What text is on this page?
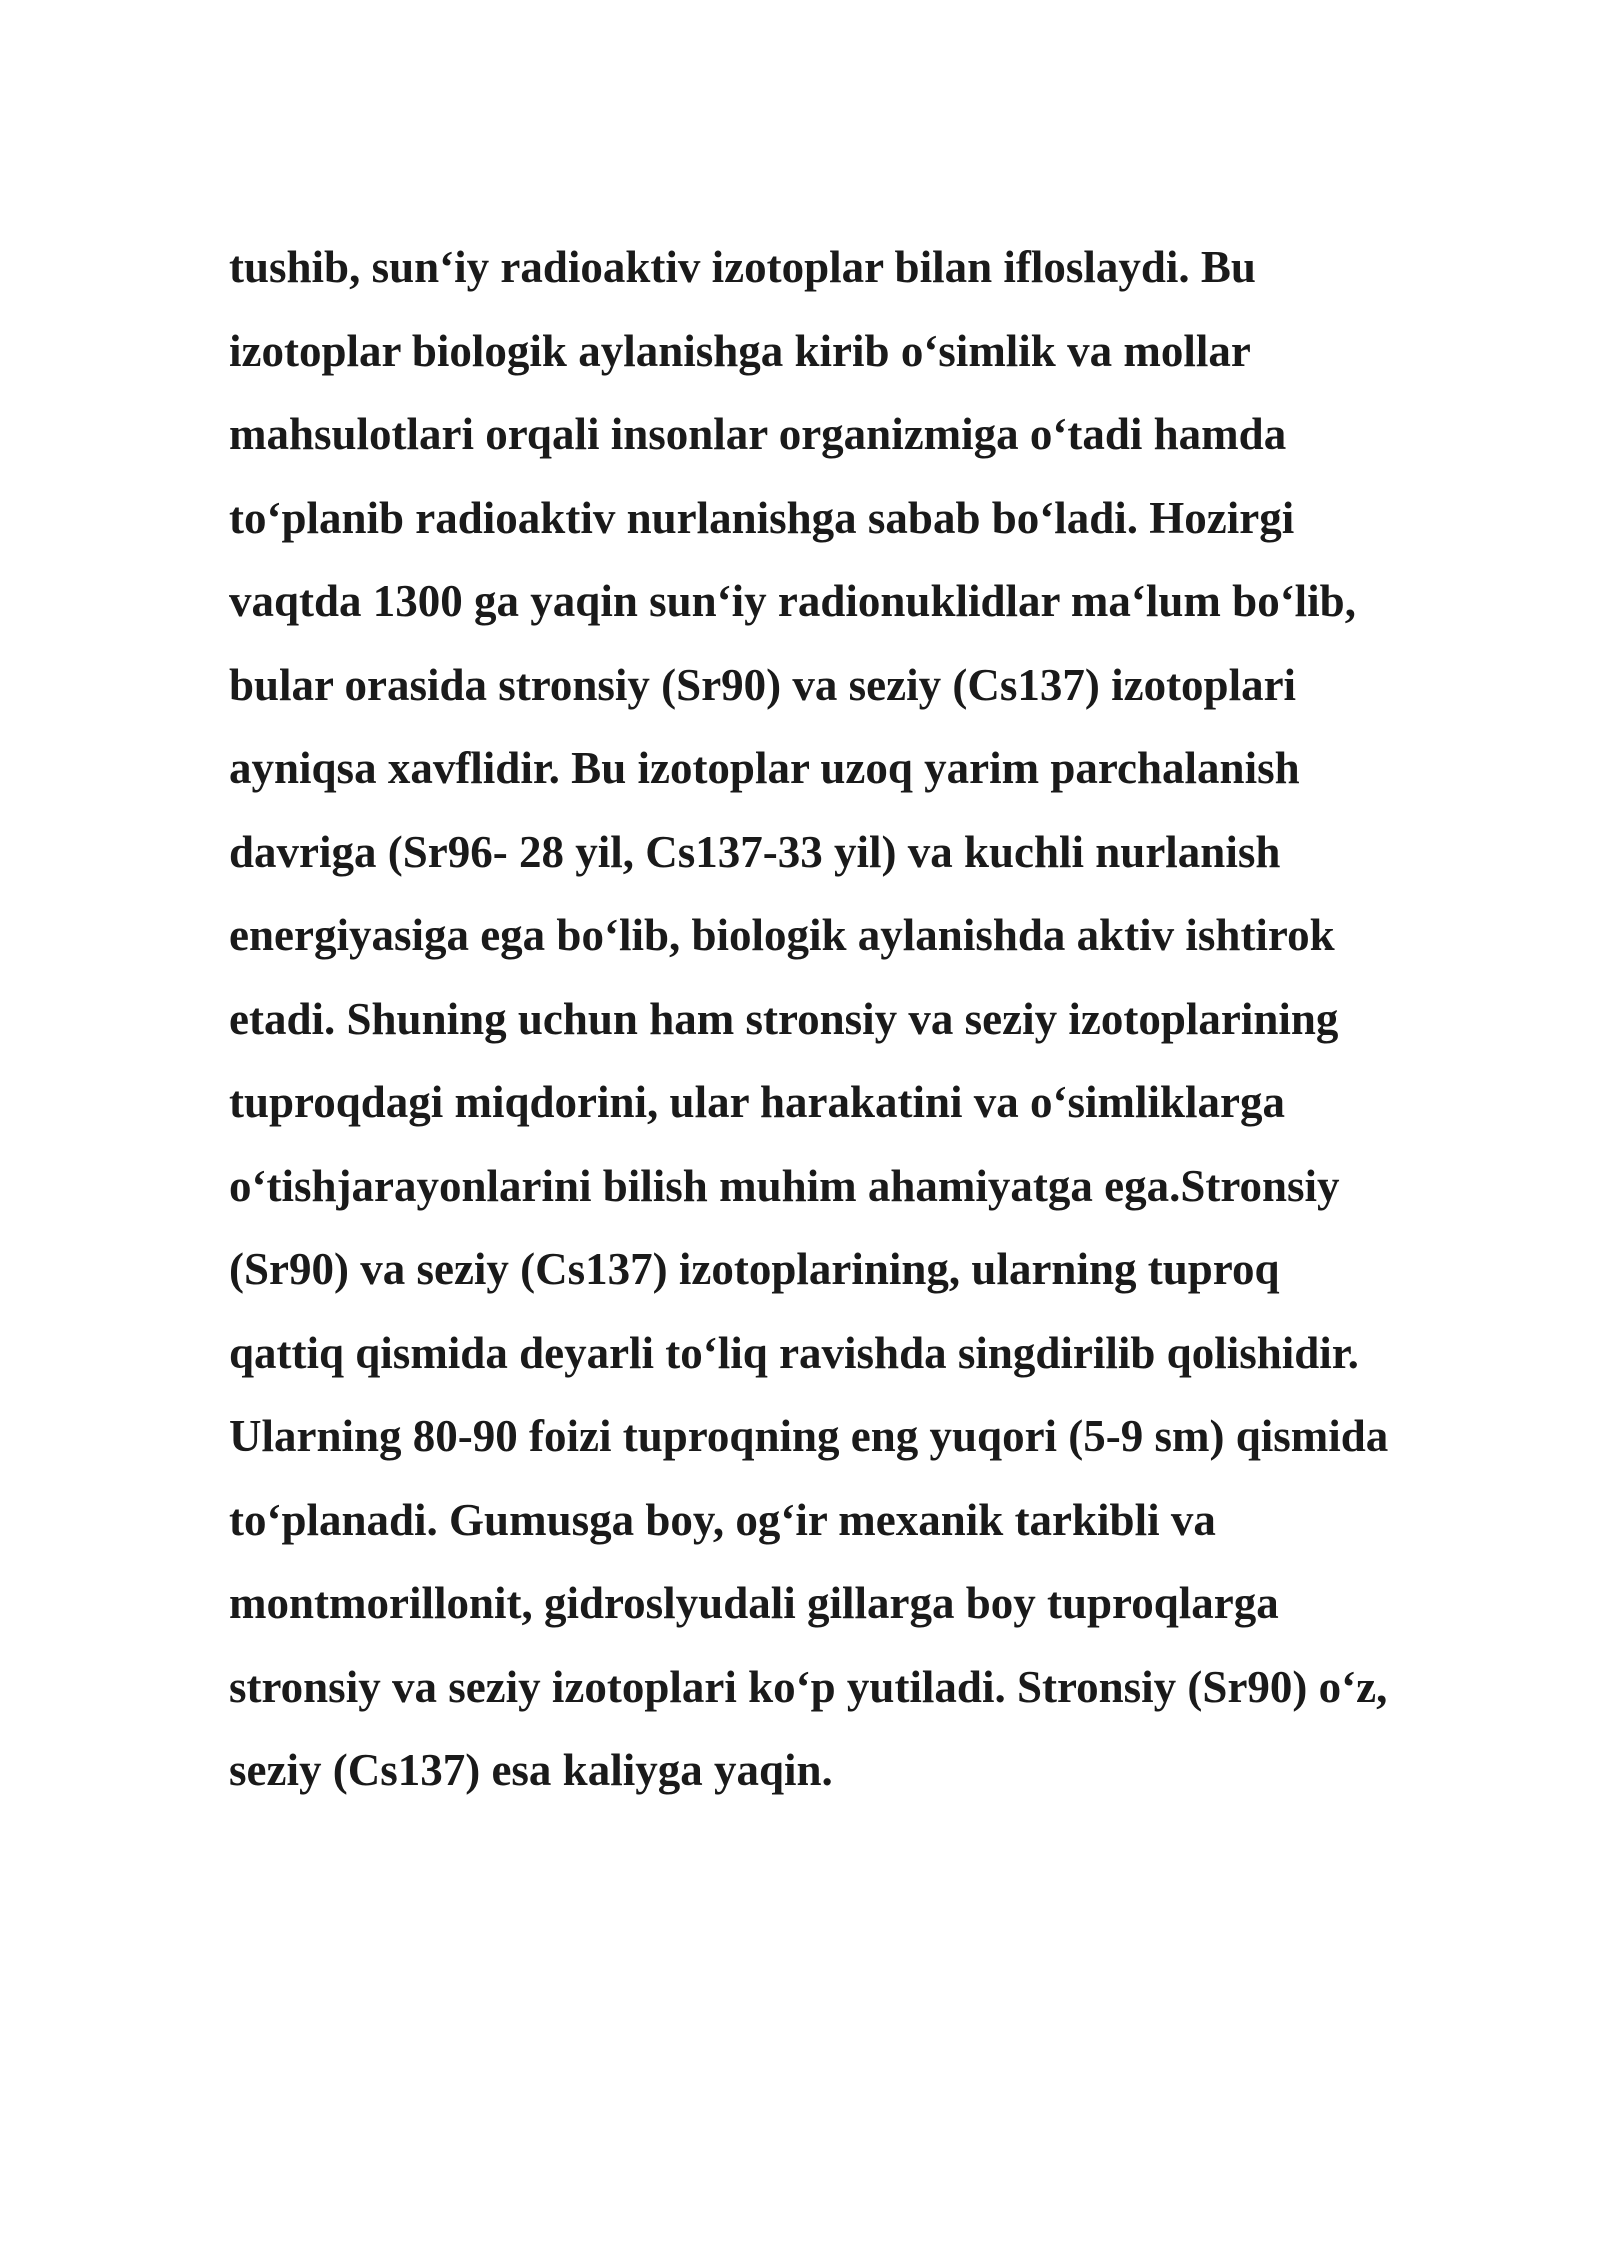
tushib, sun‘iy radioaktiv izotoplar bilan ifloslaydi. Bu
izotoplar biologik aylanishga kirib o‘simlik va mollar
mahsulotlari orqali insonlar organizmiga o‘tadi hamda
to‘planib radioaktiv nurlanishga sabab bo‘ladi. Hozirgi
vaqtda 1300 ga yaqin sun‘iy radionuklidlar ma‘lum bo‘lib,
bular orasida stronsiy (Sr90) va seziy (Cs137) izotoplari
ayniqsa xavflidir. Bu izotoplar uzoq yarim parchalanish
davriga (Sr96- 28 yil, Cs137-33 yil) va kuchli nurlanish
energiyasiga ega bo‘lib, biologik aylanishda aktiv ishtirok
etadi. Shuning uchun ham stronsiy va seziy izotoplarining
tuproqdagi miqdorini, ular harakatini va o‘simliklarga
o‘tishjarayonlarini bilish muhim ahamiyatga ega.Stronsiy
(Sr90) va seziy (Cs137) izotoplarining, ularning tuproq
qattiq qismida deyarli to‘liq ravishda singdirilib qolishidir.
Ularning 80-90 foizi tuproqning eng yuqori (5-9 sm) qismida
to‘planadi. Gumusga boy, og‘ir mexanik tarkibli va
montmorillonit, gidroslyudali gillarga boy tuproqlarga
stronsiy va seziy izotoplari ko‘p yutiladi. Stronsiy (Sr90) o‘z,
seziy (Cs137) esa kaliyga yaqin.
